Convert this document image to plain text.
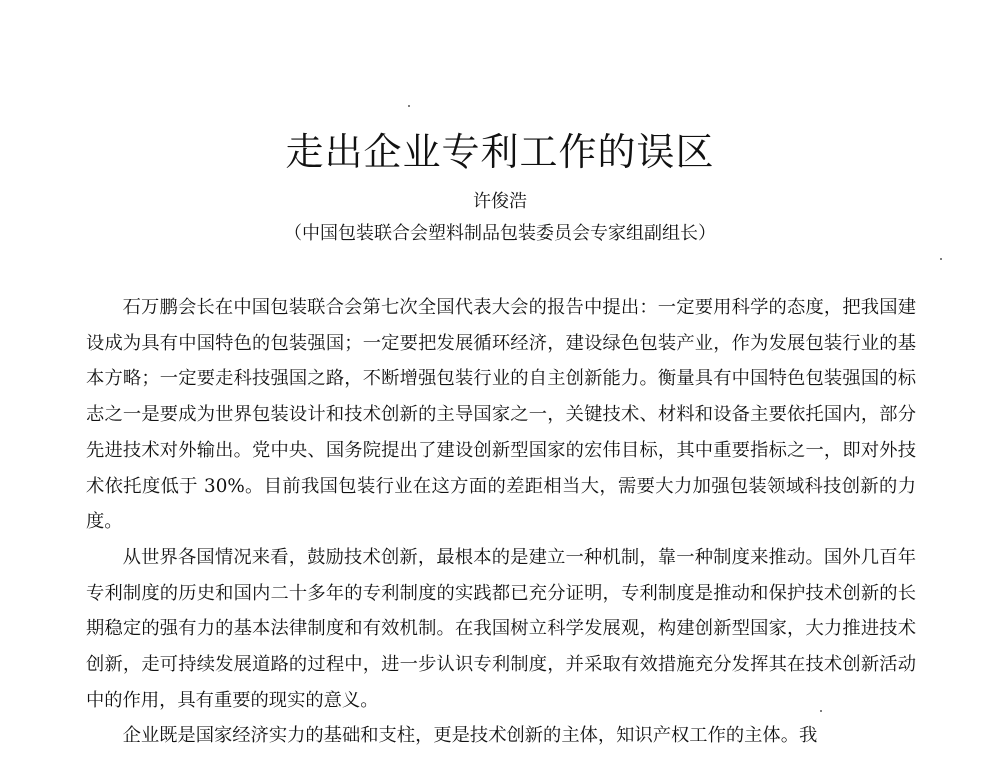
走出企业专利工作的误区
许俊浩
（中国包装联合会塑料制品包装委员会专家组副组长）

石万鹏会长在中国包装联合会第七次全国代表大会的报告中提出：一定要用科学的态度，把我国建设成为具有中国特色的包装强国；一定要把发展循环经济，建设绿色包装产业，作为发展包装行业的基本方略；一定要走科技强国之路，不断增强包装行业的自主创新能力。衡量具有中国特色包装强国的标志之一是要成为世界包装设计和技术创新的主导国家之一，关键技术、材料和设备主要依托国内，部分先进技术对外输出。党中央、国务院提出了建设创新型国家的宏伟目标，其中重要指标之一，即对外技术依托度低于 30%。目前我国包装行业在这方面的差距相当大，需要大力加强包装领域科技创新的力度。

从世界各国情况来看，鼓励技术创新，最根本的是建立一种机制，靠一种制度来推动。国外几百年专利制度的历史和国内二十多年的专利制度的实践都已充分证明，专利制度是推动和保护技术创新的长期稳定的强有力的基本法律制度和有效机制。在我国树立科学发展观，构建创新型国家，大力推进技术创新，走可持续发展道路的过程中，进一步认识专利制度，并采取有效措施充分发挥其在技术创新活动中的作用，具有重要的现实的意义。

企业既是国家经济实力的基础和支柱，更是技术创新的主体，知识产权工作的主体。我
